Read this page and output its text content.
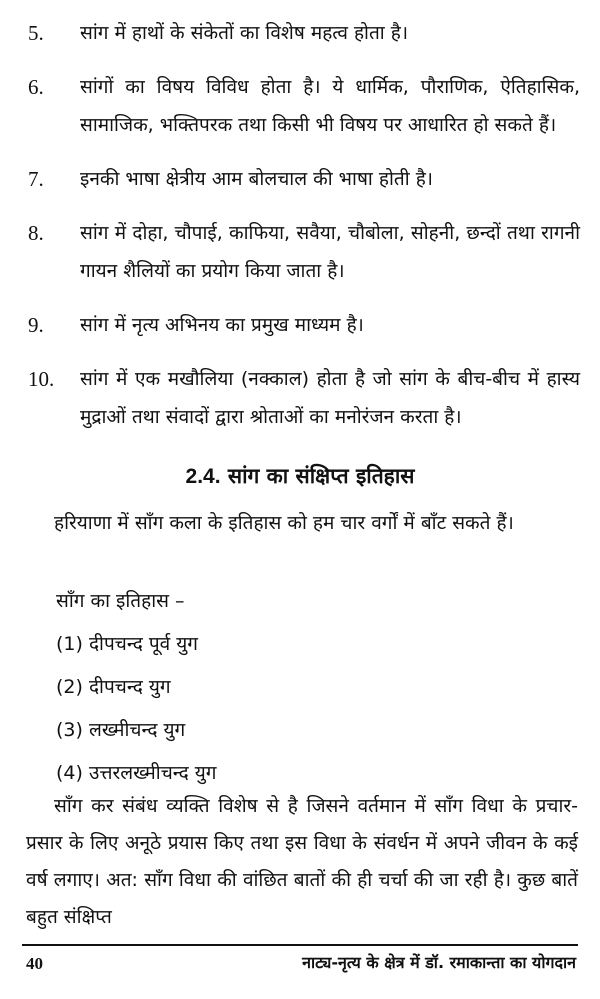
5.	सांग में हाथों के संकेतों का विशेष महत्व होता है।
6.	सांगों का विषय विविध होता है। ये धार्मिक, पौराणिक, ऐतिहासिक, सामाजिक, भक्तिपरक तथा किसी भी विषय पर आधारित हो सकते हैं।
7.	इनकी भाषा क्षेत्रीय आम बोलचाल की भाषा होती है।
8.	सांग में दोहा, चौपाई, काफिया, सवैया, चौबोला, सोहनी, छन्दों तथा रागनी गायन शैलियों का प्रयोग किया जाता है।
9.	सांग में नृत्य अभिनय का प्रमुख माध्यम है।
10.	सांग में एक मखौलिया (नक्काल) होता है जो सांग के बीच-बीच में हास्य मुद्राओं तथा संवादों द्वारा श्रोताओं का मनोरंजन करता है।
2.4. सांग का संक्षिप्त इतिहास
हरियाणा में साँग कला के इतिहास को हम चार वर्गों में बाँट सकते हैं।
साँग का इतिहास –
(1) दीपचन्द पूर्व युग
(2) दीपचन्द युग
(3) लख्मीचन्द युग
(4) उत्तरलख्मीचन्द युग
साँग कर संबंध व्यक्ति विशेष से है जिसने वर्तमान में साँग विधा के प्रचार-प्रसार के लिए अनूठे प्रयास किए तथा इस विधा के संवर्धन में अपने जीवन के कई वर्ष लगाए। अत: साँग विधा की वांछित बातों की ही चर्चा की जा रही है। कुछ बातें बहुत संक्षिप्त
40	नाट्य-नृत्य के क्षेत्र में डॉ. रमाकान्ता का योगदान
